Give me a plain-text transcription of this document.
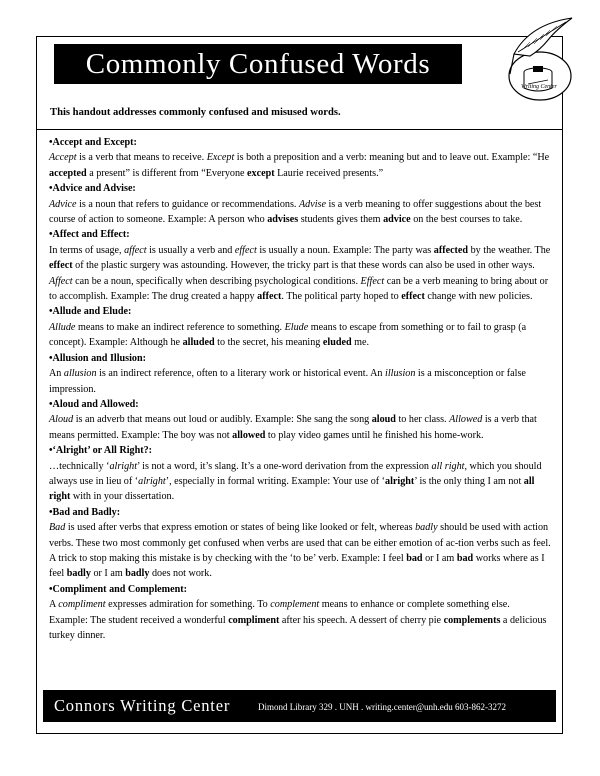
Commonly Confused Words
Writing Center
This handout addresses commonly confused and misused words.

•Accept and Except:

Accept is a verb that means to receive. Except is both a preposition and a verb: meaning but and to leave out. Example: “He accepted a present” is different from “Everyone except Laurie received presents.”

•Advice and Advise:

Advice is a noun that refers to guidance or recommendations. Advise is a verb meaning to offer suggestions about the best course of action to someone. Example: A person who advises students gives them advice on the best courses to take.

•Affect and Effect:

In terms of usage, affect is usually a verb and effect is usually a noun. Example: The party was affected by the weather. The effect of the plastic surgery was astounding. However, the tricky part is that these words can also be used in other ways. Affect can be a noun, specifically when describing psychological conditions. Effect can be a verb meaning to bring about or to accomplish. Example: The drug created a happy affect. The political party hoped to effect change with new policies.

•Allude and Elude:

Allude means to make an indirect reference to something. Elude means to escape from something or to fail to grasp (a concept). Example: Although he alluded to the secret, his meaning eluded me.

•Allusion and Illusion:

An allusion is an indirect reference, often to a literary work or historical event. An illusion is a misconception or false impression.

•Aloud and Allowed:

Aloud is an adverb that means out loud or audibly. Example: She sang the song aloud to her class. Allowed is a verb that means permitted. Example: The boy was not allowed to play video games until he finished his home-work.

•‘Alright’ or All Right?:

…technically ‘alright’ is not a word, it’s slang. It’s a one-word derivation from the expression all right, which you should always use in lieu of ‘alright’, especially in formal writing. Example: Your use of ‘alright’ is the only thing I am not all right with in your dissertation.

•Bad and Badly:

Bad is used after verbs that express emotion or states of being like looked or felt, whereas badly should be used with action verbs. These two most commonly get confused when verbs are used that can be either emotion of ac-tion verbs such as feel. A trick to stop making this mistake is by checking with the ‘to be’ verb. Example: I feel bad or I am bad works where as I feel badly or I am badly does not work.

•Compliment and Complement:

A compliment expresses admiration for something. To complement means to enhance or complete something else.

Example: The student received a wonderful compliment after his speech. A dessert of cherry pie complements a delicious turkey dinner.

Connors Writing Center	Dimond Library 329 . UNH . writing.center@unh.edu 603-862-3272
